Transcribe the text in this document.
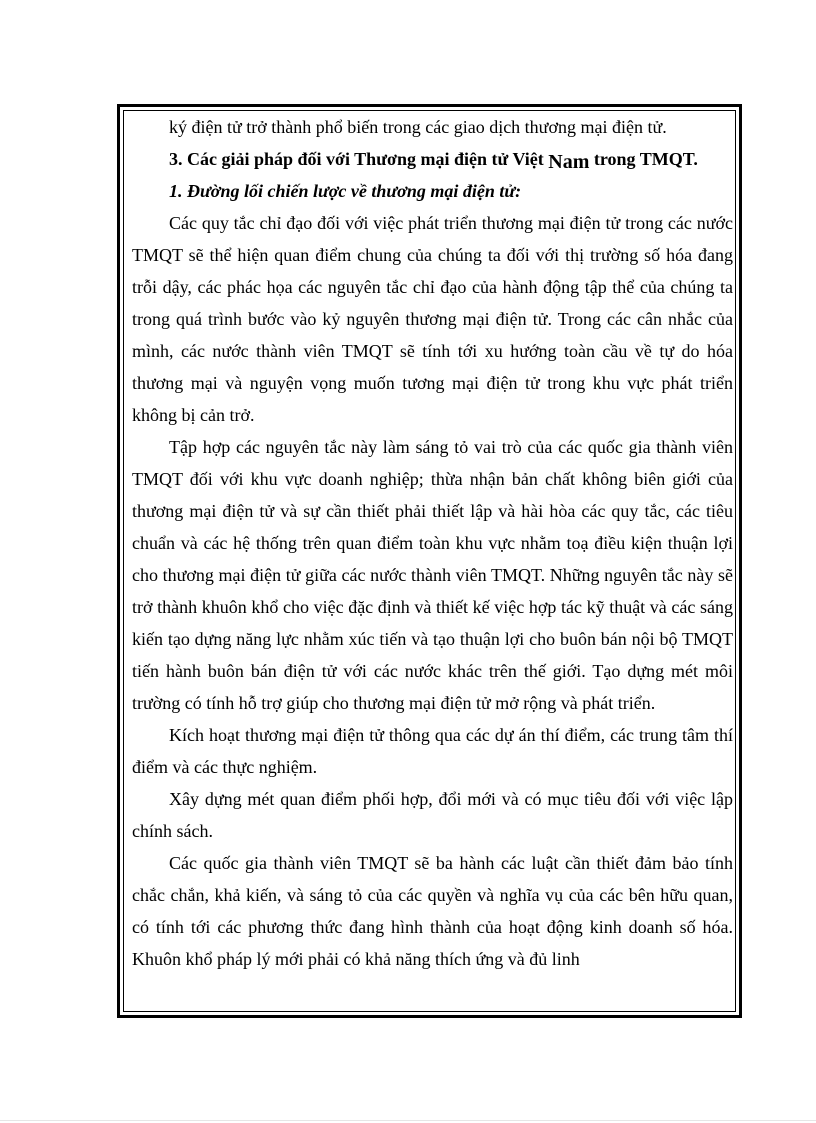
ký điện tử trở thành phổ biến trong các giao dịch thương mại điện tử.

3. Các giải pháp đối với Thương mại điện tử Việt Nam trong TMQT.

1. Đường lối chiến lược về thương mại điện tử:

Các quy tắc chỉ đạo đối với việc phát triển thương mại điện tử trong các nước TMQT sẽ thể hiện quan điểm chung của chúng ta đối với thị trường số hóa đang trỗi dậy, các phác họa các nguyên tắc chỉ đạo của hành động tập thể của chúng ta trong quá trình bước vào kỷ nguyên thương mại điện tử. Trong các cân nhắc của mình, các nước thành viên TMQT sẽ tính tới xu hướng toàn cầu về tự do hóa thương mại và nguyện vọng muốn tương mại điện tử trong khu vực phát triển không bị cản trở.

Tập hợp các nguyên tắc này làm sáng tỏ vai trò của các quốc gia thành viên TMQT đối với khu vực doanh nghiệp; thừa nhận bản chất không biên giới của thương mại điện tử và sự cần thiết phải thiết lập và hài hòa các quy tắc, các tiêu chuẩn và các hệ thống trên quan điểm toàn khu vực nhằm toạ điều kiện thuận lợi cho thương mại điện tử giữa các nước thành viên TMQT. Những nguyên tắc này sẽ trở thành khuôn khổ cho việc đặc định và thiết kế việc hợp tác kỹ thuật và các sáng kiến tạo dựng năng lực nhằm xúc tiến và tạo thuận lợi cho buôn bán nội bộ TMQT tiến hành buôn bán điện tử với các nước khác trên thế giới. Tạo dựng mét môi trường có tính hỗ trợ giúp cho thương mại điện tử mở rộng và phát triển.

Kích hoạt thương mại điện tử thông qua các dự án thí điểm, các trung tâm thí điểm và các thực nghiệm.

Xây dựng mét quan điểm phối hợp, đổi mới và có mục tiêu đối với việc lập chính sách.

Các quốc gia thành viên TMQT sẽ ba hành các luật cần thiết đảm bảo tính chắc chắn, khả kiến, và sáng tỏ của các quyền và nghĩa vụ của các bên hữu quan, có tính tới các phương thức đang hình thành của hoạt động kinh doanh số hóa. Khuôn khổ pháp lý mới phải có khả năng thích ứng và đủ linh
